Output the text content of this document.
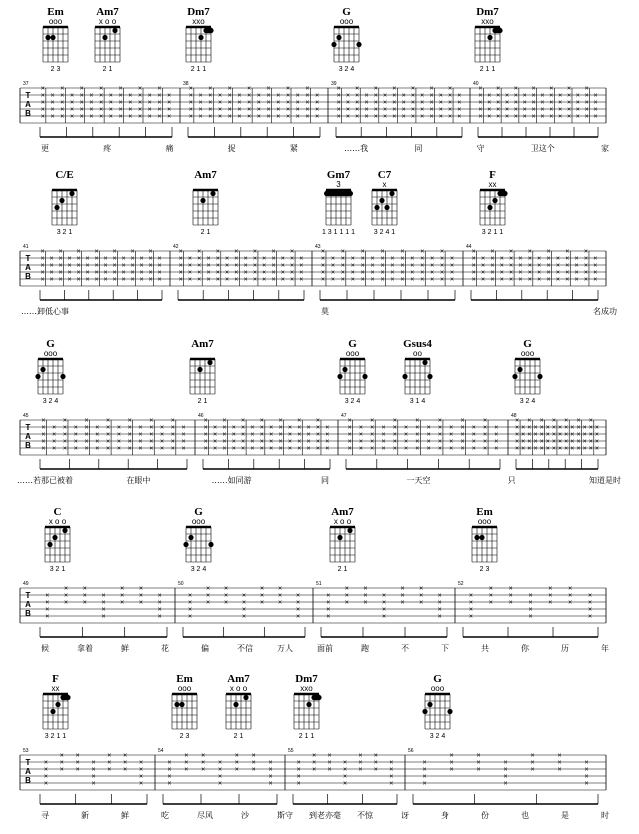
Em
ooo
2 3
Am7
x o o
2 1
Dm7
xxo
2 1 1
G
ooo
3 2 4
Dm7
xxo
2 1 1
T
A
B
37	38	39	40
×
×
×
×
×
×
×
×
×
×
×
×
×
×
×
×
×
×
×
×
×
×
×
×
×
×
×
×
×
×
×
×
×
×
×
×
×
×
×
×
×
×
×
×
×
×
×
×
×
×
×
×
×
×
×
×
×
×
×
×
×
×
×
×
×
×
×
×
×
×
×
×
×
×
×
×
×
×
×
×
×
×
×
×
×
×
×
×
×
×
×
×
×
×
×
×
×
×
×
×
×
×
×
×
×
×
×
×
×
×
×
×
×
×
×
×
×
×
×
×
×
×
×
×
×
×
×
×
×
×
×
×
×
×
×
×
×
×
×
×
×
×
×
×
×
×
×
×
×
×
×
×
×
×
×
×
×
×
×
×
×
×
×
×
×
×
×
×
×
×
×
×
×
×
×
×
×
×
×
×
×
×
×
×
×
×
×
×
×
×
×
×
×
×
×
×
×
×
×
×
×
×
×
×
×
×
×
×
×
×
×
×
×
×
×
×
×
×
×
×
×
×
×
×
×
×
×
×
×
×
×
×
×
×
×
×
×
×
×
×
×
×
×
×
×
×
×
×
×
×
×
×
更	疼	痛	捉	紧	……我	同	守	卫这个	家
C/E
3 2 1
Am7
2 1
Gm7
3
1 3 1 1 1 1
C7
x
3 2 4 1
F
xx
3 2 1 1
T
A
B
41	42	43	44
×
×
×
×
×
×
×
×
×
×
×
×
×
×
×
×
×
×
×
×
×
×
×
×
×
×
×
×
×
×
×
×
×
×
×
×
×
×
×
×
×
×
×
×
×
×
×
×
×
×
×
×
×
×
×
×
×
×
×
×
×
×
×
×
×
×
×
×
×
×
×
×
×
×
×
×
×
×
×
×
×
×
×
×
×
×
×
×
×
×
×
×
×
×
×
×
×
×
×
×
×
×
×
×
×
×
×
×
×
×
×
×
×
×
×
×
×
×
×
×
×
×
×
×
×
×
×
×
×
×
×
×
×
×
×
×
×
×
×
×
×
×
×
×
×
×
×
×
×
×
×
×
×
×
×
×
×
×
×
×
×
×
×
×
×
×
×
×
×
×
×
×
×
×
×
×
×
×
×
×
×
×
×
×
×
×
×
×
×
×
×
×
×
×
×
×
×
×
×
×
×
×
×
×
×
×
×
×
×
×
×
×
×
×
×
×
×
×
×
×
×
×
×
×
×
×
×
×
×
×
×
×
×
×
×
×
×
×
×
×
×
×
×
×
×
×
×
×
×
×
×
×
……卸低心事	莫	名成功
G
ooo
3 2 4
Am7
2 1
G
ooo
3 2 4
Gsus4
oo
3 1 4
G
ooo
3 2 4
T
A
B
45	46	47	48
×
×
×
×
×
×
×
×
×
×
×
×
×
×
×
×
×
×
×
×
×
×
×
×
×
×
×
×
×
×
×
×
×
×
×
×
×
×
×
×
×
×
×
×
×
×
×
×
×
×
×
×
×
×
×
×
×
×
×
×
×
×
×
×
×
×
×
×
×
×
×
×
×
×
×
×
×
×
×
×
×
×
×
×
×
×
×
×
×
×
×
×
×
×
×
×
×
×
×
×
×
×
×
×
×
×
×
×
×
×
×
×
×
×
×
×
×
×
×
×
×
×
×
×
×
×
×
×
×
×
×
×
×
×
×
×
×
×
×
×
×
×
×
×
×
×
×
×
×
×
×
×
×
×
×
×
×
×
×
×
×
×
×
×
×
×
×
×
×
×
×
×
×
×
×
×
×
×
×
×
×
×
×
×
×
×
×
×
×
×
×
×
×
×
×
×
×
×
×
×
×
×
×
×
×
×
×
×
×
×
×
×
×
×
×
×
×
×
×
×
×
×
×
×
×
×
×
×
×
×
×
×
×
×
×
×
×
×
×
×
×
×
×
×
×
×
×
×
×
×
×
×
……若那已被着	在眼中	……如同游	同	一天空	只	知道是时
C
x o o
3 2 1
G
ooo
3 2 4
Am7
x o o
2 1
Em
ooo
2 3
T
A
B
49	50	51	52
×
×
×
×
×
×
×
×
×
×
×
×
×
×
×
×
×
×
×
×
×
×
×
×
×
×
×
×
×
×
×
×
×
×
×
×
×
×
×
×
×
×
×
×
×
×
×
×
×
×
×
×
×
×
×
×
×
×
×
×
×
×
×
×
×
×
×
×
×
×
×
×
×
×
×
×
×
×
×
×
×
×
×
×
×
×
×
×
×
×
×
×
×
×
×
×
候	拿着	鲜	花	偏	不信	万人	面前	跑	不	下	共	你	历	年
F
xx
3 2 1 1
Em
ooo
2 3
Am7
x o o
2 1
Dm7
xxo
2 1 1
G
ooo
3 2 4
T
A
B
53	54	55	56
×
×
×
×
×
×
×
×
×
×
×
×
×
×
×
×
×
×
×
×
×
×
×
×
×
×
×
×
×
×
×
×
×
×
×
×
×
×
×
×
×
×
×
×
×
×
×
×
×
×
×
×
×
×
×
×
×
×
×
×
×
×
×
×
×
×
×
×
×
×
×
×
×
×
×
×
×
×
×
×
×
×
×
×
×
×
×
×
×
×
×
×
×
×
×
×
寻	新	鲜	吃	尽风	沙	斯守 到老亦毫 不惊	讶	身	份	也	是	时
